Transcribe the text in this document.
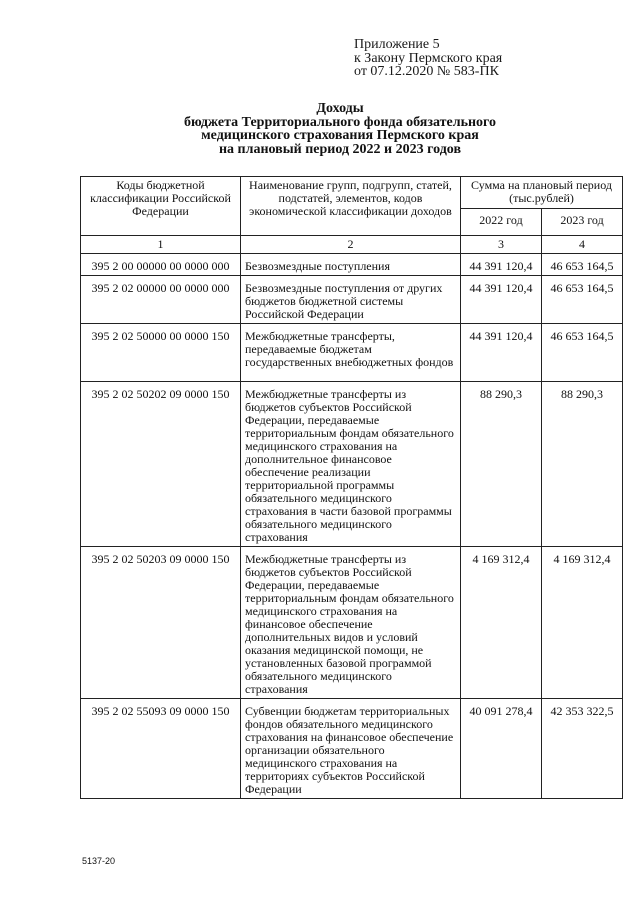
Приложение 5
к Закону Пермского края
от 07.12.2020 № 583-ПК
Доходы
бюджета Территориального фонда обязательного
медицинского страхования Пермского края
на плановый период 2022 и 2023 годов
Коды бюджетной классификации Российской Федерации	Наименование групп, подгрупп, статей, подстатей, элементов, кодов экономической классификации доходов	Сумма на плановый период (тыс.рублей)	
		2022 год	2023 год
1	2	3	4
395 2 00 00000 00 0000 000	Безвозмездные поступления	44 391 120,4	46 653 164,5
395 2 02 00000 00 0000 000	Безвозмездные поступления от других бюджетов бюджетной системы Российской Федерации	44 391 120,4	46 653 164,5
395 2 02 50000 00 0000 150	Межбюджетные трансферты, передаваемые бюджетам государственных внебюджетных фондов	44 391 120,4	46 653 164,5
395 2 02 50202 09 0000 150	Межбюджетные трансферты из бюджетов субъектов Российской Федерации, передаваемые территориальным фондам обязательного медицинского страхования на дополнительное финансовое обеспечение реализации территориальной программы обязательного медицинского страхования в части базовой программы обязательного медицинского страхования	88 290,3	88 290,3
395 2 02 50203 09 0000 150	Межбюджетные трансферты из бюджетов субъектов Российской Федерации, передаваемые территориальным фондам обязательного медицинского страхования на финансовое обеспечение дополнительных видов и условий оказания медицинской помощи, не установленных базовой программой обязательного медицинского страхования	4 169 312,4	4 169 312,4
395 2 02 55093 09 0000 150	Субвенции бюджетам территориальных фондов обязательного медицинского страхования на финансовое обеспечение организации обязательного медицинского страхования на территориях субъектов Российской Федерации	40 091 278,4	42 353 322,5
5137-20
